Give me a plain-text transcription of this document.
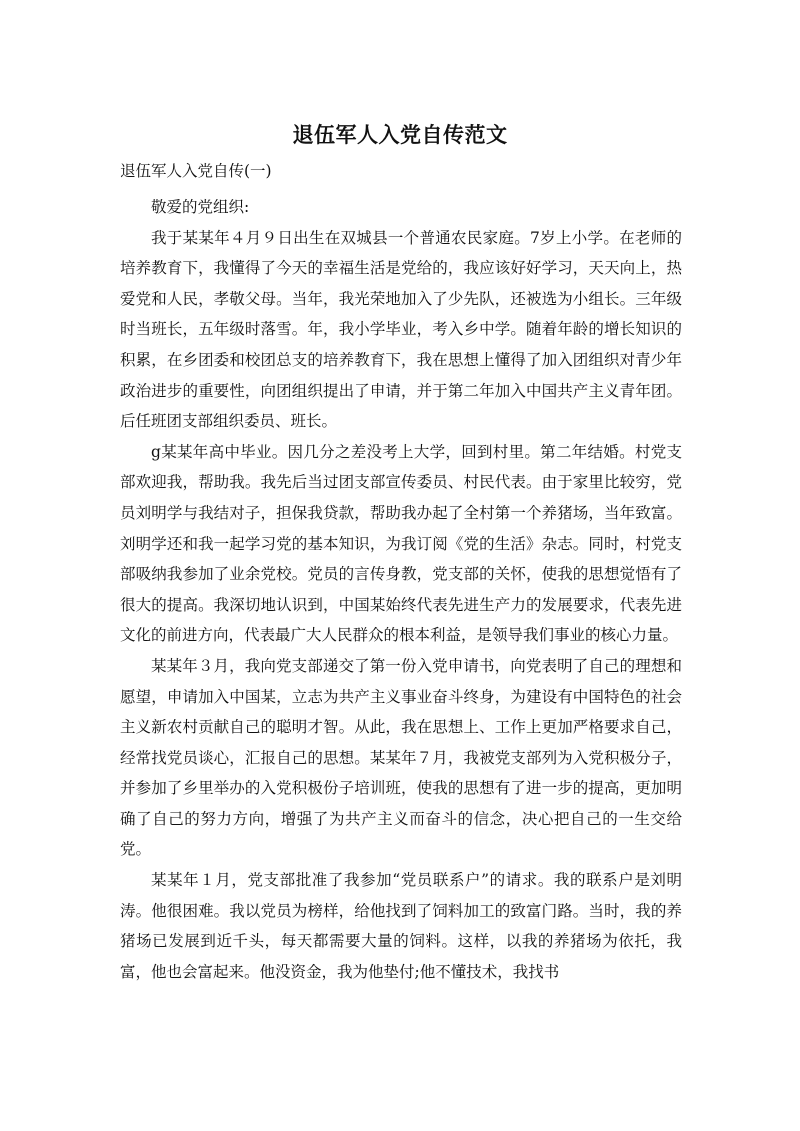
退伍军人入党自传范文
退伍军人入党自传(一)

敬爱的党组织:

我于某某年４月９日出生在双城县一个普通农民家庭。7岁上小学。在老师的培养教育下，我懂得了今天的幸福生活是党给的，我应该好好学习，天天向上，热爱党和人民，孝敬父母。当年，我光荣地加入了少先队，还被选为小组长。三年级时当班长，五年级时落雪。年，我小学毕业，考入乡中学。随着年龄的增长知识的积累，在乡团委和校团总支的培养教育下，我在思想上懂得了加入团组织对青少年政治进步的重要性，向团组织提出了申请，并于第二年加入中国共产主义青年团。后任班团支部组织委员、班长。

g某某年高中毕业。因几分之差没考上大学，回到村里。第二年结婚。村党支部欢迎我，帮助我。我先后当过团支部宣传委员、村民代表。由于家里比较穷，党员刘明学与我结对子，担保我贷款，帮助我办起了全村第一个养猪场，当年致富。刘明学还和我一起学习党的基本知识，为我订阅《党的生活》杂志。同时，村党支部吸纳我参加了业余党校。党员的言传身教，党支部的关怀，使我的思想觉悟有了很大的提高。我深切地认识到，中国某始终代表先进生产力的发展要求，代表先进文化的前进方向，代表最广大人民群众的根本利益，是领导我们事业的核心力量。

某某年３月，我向党支部递交了第一份入党申请书，向党表明了自己的理想和愿望，申请加入中国某，立志为共产主义事业奋斗终身，为建设有中国特色的社会主义新农村贡献自己的聪明才智。从此，我在思想上、工作上更加严格要求自己，经常找党员谈心，汇报自己的思想。某某年７月，我被党支部列为入党积极分子，并参加了乡里举办的入党积极份子培训班，使我的思想有了进一步的提高，更加明确了自己的努力方向，增强了为共产主义而奋斗的信念，决心把自己的一生交给党。

某某年１月，党支部批准了我参加“党员联系户”的请求。我的联系户是刘明涛。他很困难。我以党员为榜样，给他找到了饲料加工的致富门路。当时，我的养猪场已发展到近千头，每天都需要大量的饲料。这样，以我的养猪场为依托，我富，他也会富起来。他没资金，我为他垫付;他不懂技术，我找书
